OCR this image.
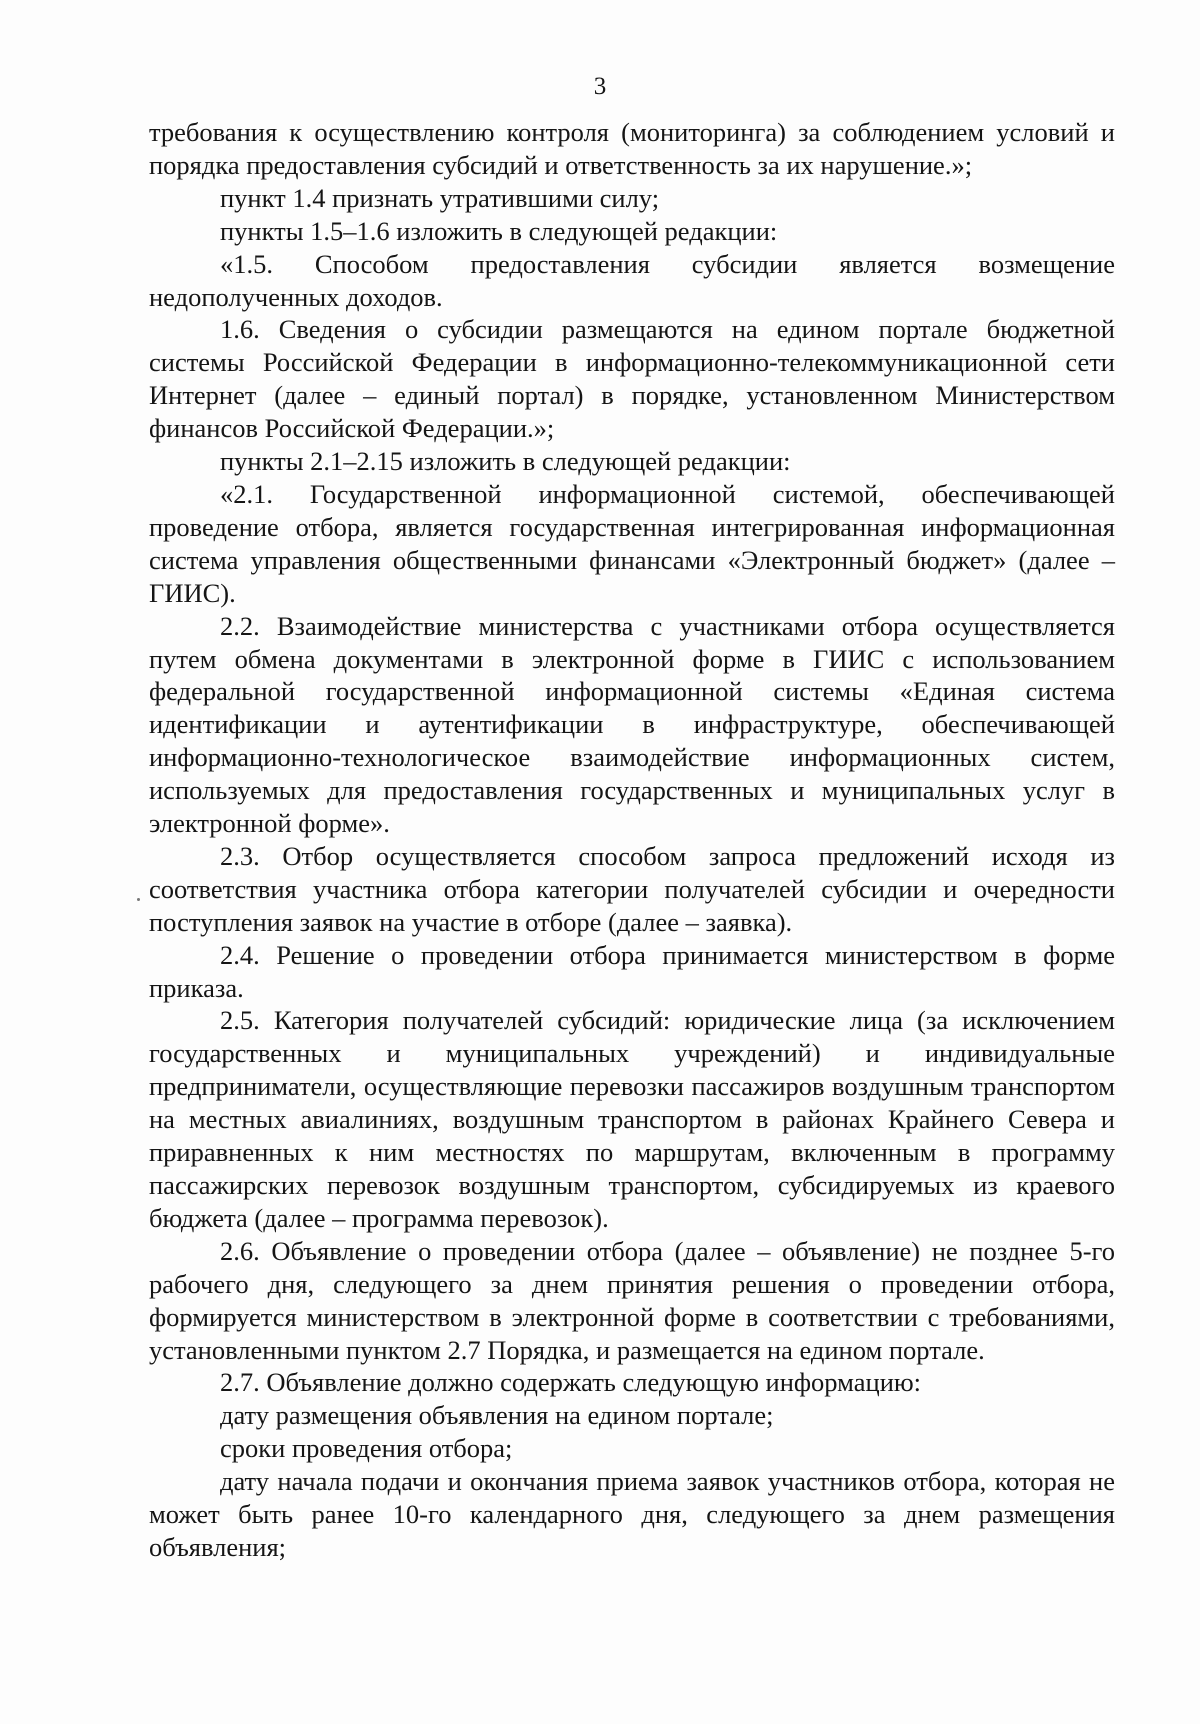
3

требования к осуществлению контроля (мониторинга) за соблюдением условий и порядка предоставления субсидий и ответственность за их нарушение.»;

пункт 1.4 признать утратившими силу;

пункты 1.5–1.6 изложить в следующей редакции:

«1.5. Способом предоставления субсидии является возмещение недополученных доходов.

1.6. Сведения о субсидии размещаются на едином портале бюджетной системы Российской Федерации в информационно-телекоммуникационной сети Интернет (далее – единый портал) в порядке, установленном Министерством финансов Российской Федерации.»;

пункты 2.1–2.15 изложить в следующей редакции:

«2.1. Государственной информационной системой, обеспечивающей проведение отбора, является государственная интегрированная информационная система управления общественными финансами «Электронный бюджет» (далее – ГИИС).

2.2. Взаимодействие министерства с участниками отбора осуществляется путем обмена документами в электронной форме в ГИИС с использованием федеральной государственной информационной системы «Единая система идентификации и аутентификации в инфраструктуре, обеспечивающей информационно-технологическое взаимодействие информационных систем, используемых для предоставления государственных и муниципальных услуг в электронной форме».

2.3. Отбор осуществляется способом запроса предложений исходя из соответствия участника отбора категории получателей субсидии и очередности поступления заявок на участие в отборе (далее – заявка).

2.4. Решение о проведении отбора принимается министерством в форме приказа.

2.5. Категория получателей субсидий: юридические лица (за исключением государственных и муниципальных учреждений) и индивидуальные предприниматели, осуществляющие перевозки пассажиров воздушным транспортом на местных авиалиниях, воздушным транспортом в районах Крайнего Севера и приравненных к ним местностях по маршрутам, включенным в программу пассажирских перевозок воздушным транспортом, субсидируемых из краевого бюджета (далее – программа перевозок).

2.6. Объявление о проведении отбора (далее – объявление) не позднее 5-го рабочего дня, следующего за днем принятия решения о проведении отбора, формируется министерством в электронной форме в соответствии с требованиями, установленными пунктом 2.7 Порядка, и размещается на едином портале.

2.7. Объявление должно содержать следующую информацию:

дату размещения объявления на едином портале;

сроки проведения отбора;

дату начала подачи и окончания приема заявок участников отбора, которая не может быть ранее 10-го календарного дня, следующего за днем размещения объявления;
